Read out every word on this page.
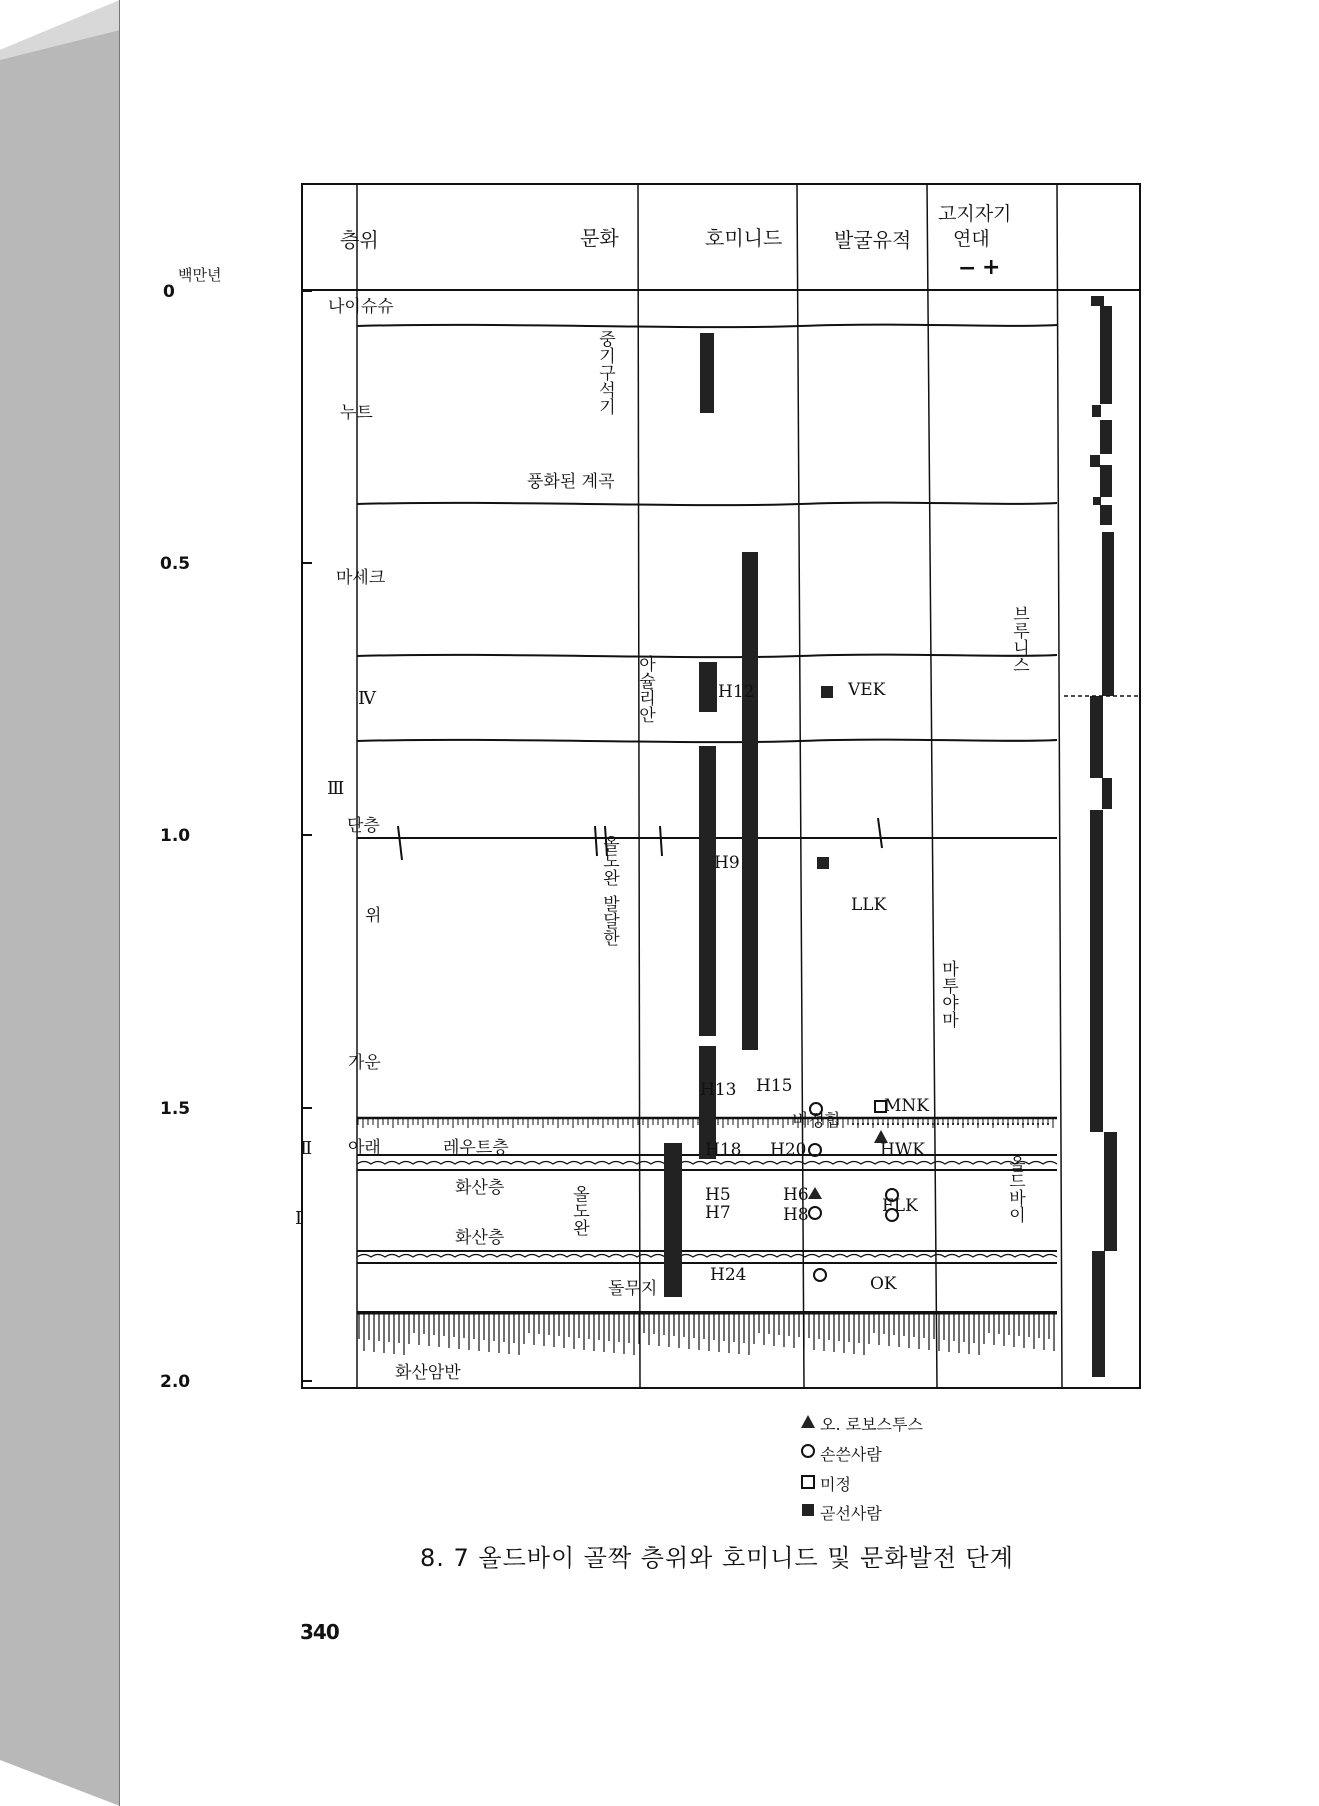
층위	문화	호미니드	발굴유적
고지자기
연대
− +
백만년
0
0.5
1.0
1.5
2.0
나이슈슈
누트
풍화된 계곡
마세크
Ⅳ
Ⅲ
단층
위
가운
Ⅱ 아래	레우트층
화산층
Ⅰ
화산층
돌무지
화산암반
비정합
중기구석기
아슐리안
발달한
올도완
A
올도완
H12
H9
H13 H15
H18 H20
H5	H6
H7	H8
H24
VEK
LLK
MNK
HWK
FLK
OK
브루니스
마투야마
올드바이
오. 로보스투스
손쓴사람
미정
곧선사람
8. 7 올드바이 골짝 층위와 호미니드 및 문화발전 단계
340
